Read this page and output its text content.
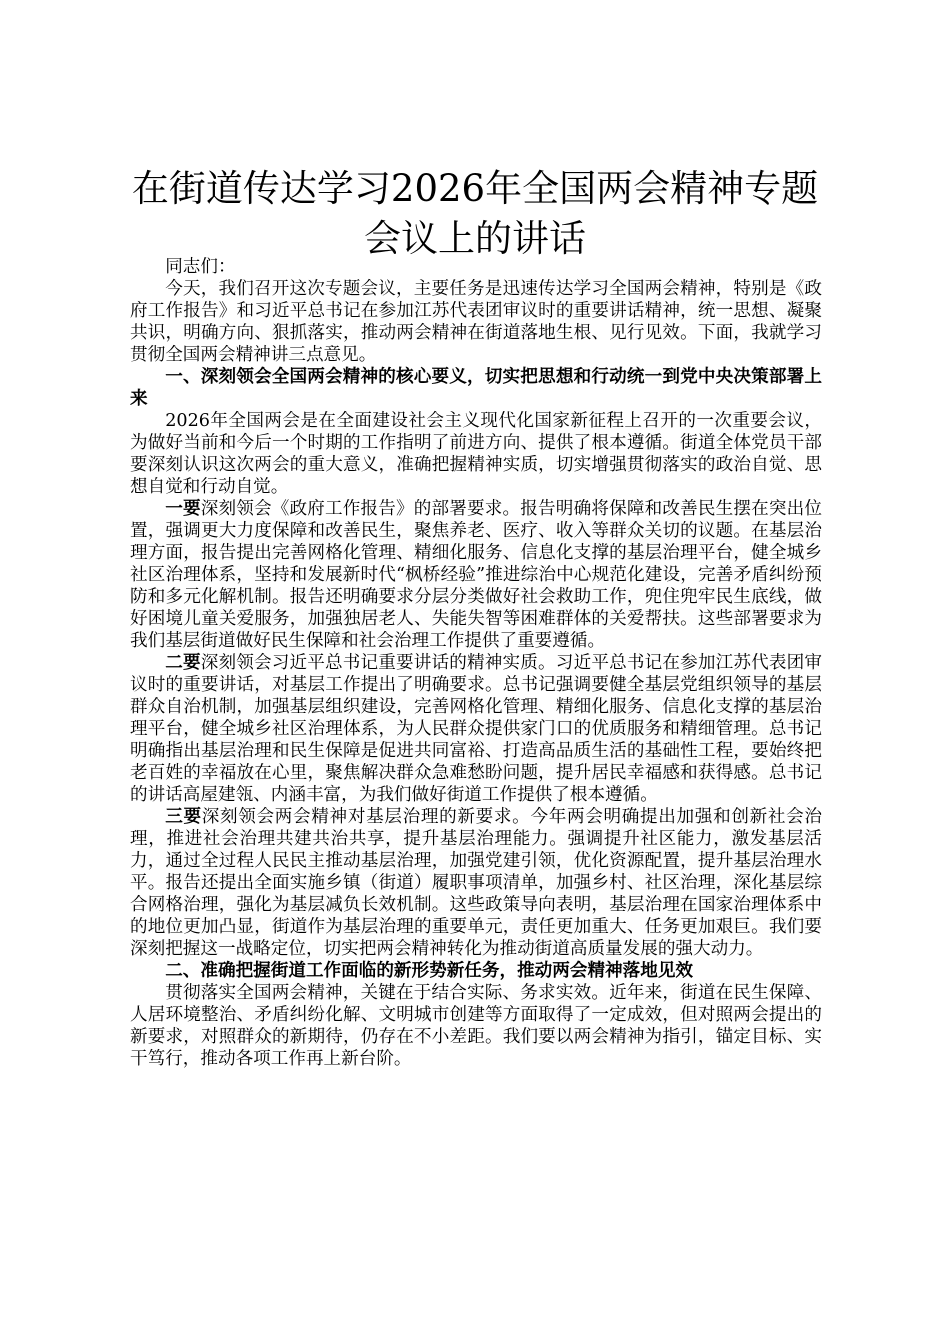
在街道传达学习2026年全国两会精神专题会议上的讲话

同志们：

今天，我们召开这次专题会议，主要任务是迅速传达学习全国两会精神，特别是《政府工作报告》和习近平总书记在参加江苏代表团审议时的重要讲话精神，统一思想、凝聚共识，明确方向、狠抓落实，推动两会精神在街道落地生根、见行见效。下面，我就学习贯彻全国两会精神讲三点意见。

一、深刻领会全国两会精神的核心要义，切实把思想和行动统一到党中央决策部署上来

2026年全国两会是在全面建设社会主义现代化国家新征程上召开的一次重要会议，为做好当前和今后一个时期的工作指明了前进方向、提供了根本遵循。街道全体党员干部要深刻认识这次两会的重大意义，准确把握精神实质，切实增强贯彻落实的政治自觉、思想自觉和行动自觉。

一要深刻领会《政府工作报告》的部署要求。报告明确将保障和改善民生摆在突出位置，强调更大力度保障和改善民生，聚焦养老、医疗、收入等群众关切的议题。在基层治理方面，报告提出完善网格化管理、精细化服务、信息化支撑的基层治理平台，健全城乡社区治理体系，坚持和发展新时代“枫桥经验”推进综治中心规范化建设，完善矛盾纠纷预防和多元化解机制。报告还明确要求分层分类做好社会救助工作，兜住兜牢民生底线，做好困境儿童关爱服务，加强独居老人、失能失智等困难群体的关爱帮扶。这些部署要求为我们基层街道做好民生保障和社会治理工作提供了重要遵循。

二要深刻领会习近平总书记重要讲话的精神实质。习近平总书记在参加江苏代表团审议时的重要讲话，对基层工作提出了明确要求。总书记强调要健全基层党组织领导的基层群众自治机制，加强基层组织建设，完善网格化管理、精细化服务、信息化支撑的基层治理平台，健全城乡社区治理体系，为人民群众提供家门口的优质服务和精细管理。总书记明确指出基层治理和民生保障是促进共同富裕、打造高品质生活的基础性工程，要始终把老百姓的幸福放在心里，聚焦解决群众急难愁盼问题，提升居民幸福感和获得感。总书记的讲话高屋建瓴、内涵丰富，为我们做好街道工作提供了根本遵循。

三要深刻领会两会精神对基层治理的新要求。今年两会明确提出加强和创新社会治理，推进社会治理共建共治共享，提升基层治理能力。强调提升社区能力，激发基层活力，通过全过程人民民主推动基层治理，加强党建引领，优化资源配置，提升基层治理水平。报告还提出全面实施乡镇（街道）履职事项清单，加强乡村、社区治理，深化基层综合网格治理，强化为基层减负长效机制。这些政策导向表明，基层治理在国家治理体系中的地位更加凸显，街道作为基层治理的重要单元，责任更加重大、任务更加艰巨。我们要深刻把握这一战略定位，切实把两会精神转化为推动街道高质量发展的强大动力。

二、准确把握街道工作面临的新形势新任务，推动两会精神落地见效

贯彻落实全国两会精神，关键在于结合实际、务求实效。近年来，街道在民生保障、人居环境整治、矛盾纠纷化解、文明城市创建等方面取得了一定成效，但对照两会提出的新要求，对照群众的新期待，仍存在不小差距。我们要以两会精神为指引，锚定目标、实干笃行，推动各项工作再上新台阶。
